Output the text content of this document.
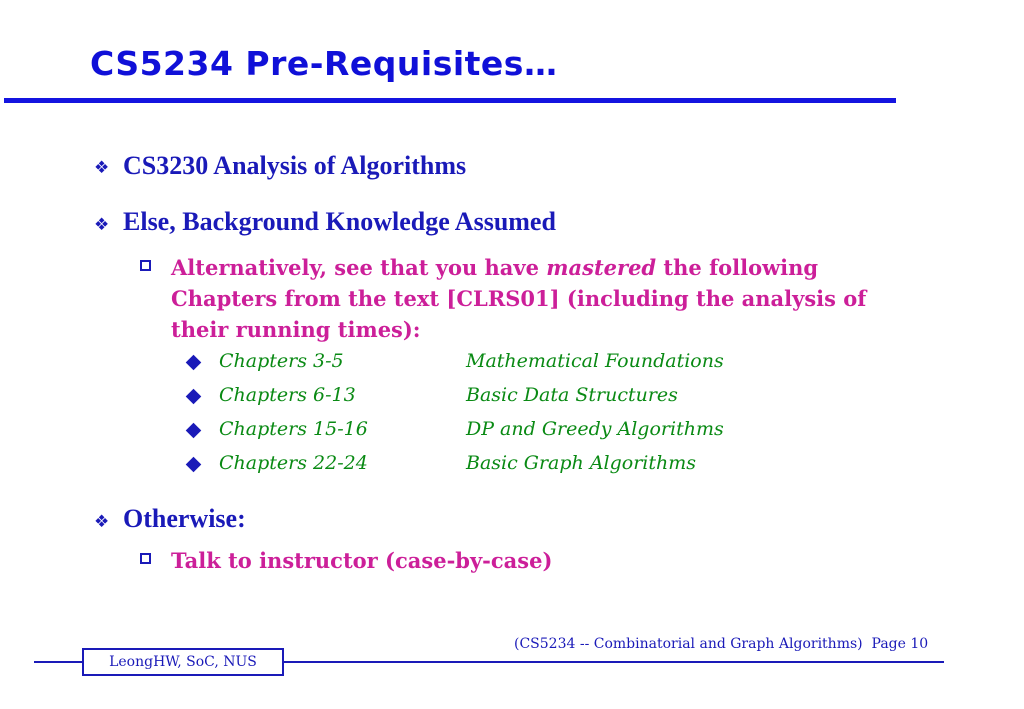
CS5234 Pre-Requisites…
❖ CS3230 Analysis of Algorithms
❖ Else, Background Knowledge Assumed
Alternatively, see that you have mastered the following
Chapters from the text [CLRS01] (including the analysis of
their running times):
Chapters 3-5	Mathematical Foundations
Chapters 6-13	Basic Data Structures
Chapters 15-16	DP and Greedy Algorithms
Chapters 22-24	Basic Graph Algorithms
❖ Otherwise:
Talk to instructor (case-by-case)
(CS5234 -- Combinatorial and Graph Algorithms) Page 10
LeongHW, SoC, NUS
